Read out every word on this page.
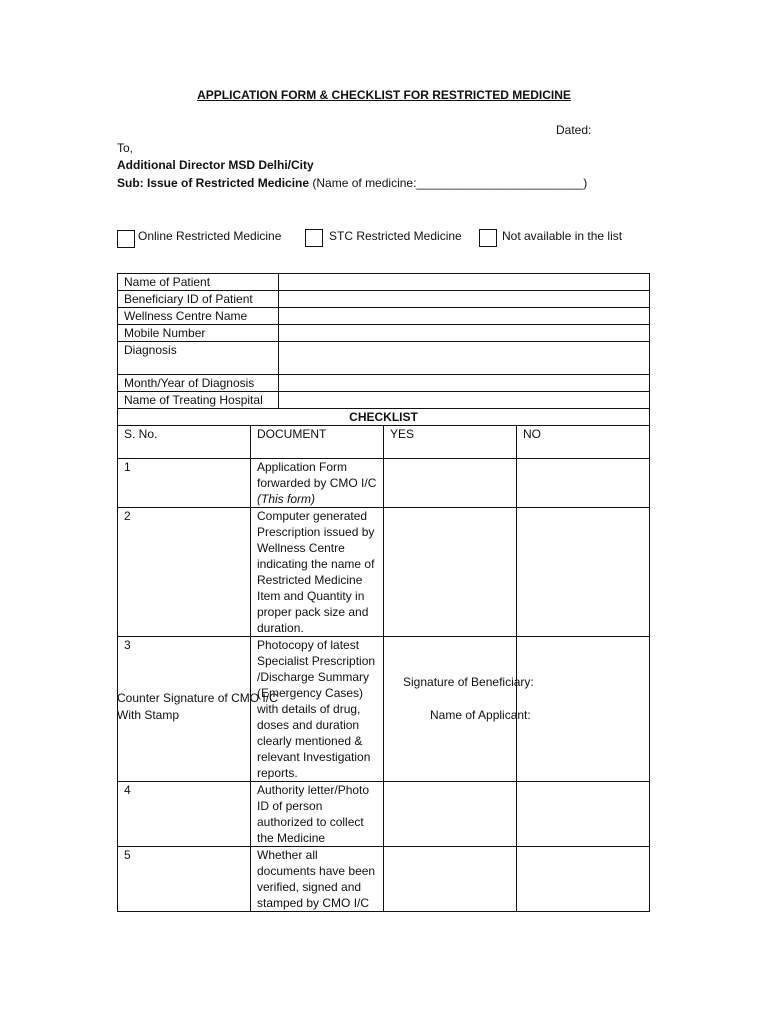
APPLICATION FORM & CHECKLIST FOR RESTRICTED MEDICINE
Dated:
To,
Additional Director MSD Delhi/City
Sub: Issue of Restricted Medicine (Name of medicine:_________________________)
Online Restricted Medicine	STC Restricted Medicine	Not available in the list
Name of Patient	
Beneficiary ID of Patient	
Wellness Centre Name	
Mobile Number	
Diagnosis	
Month/Year of Diagnosis	
Name of Treating Hospital	
CHECKLIST			
S. No.	DOCUMENT	YES	NO
1	Application Form forwarded by CMO I/C (This form)		
2	Computer generated Prescription issued by Wellness Centre indicating the name of Restricted Medicine Item and Quantity in proper pack size and duration.		
3	Photocopy of latest Specialist Prescription /Discharge Summary (Emergency Cases) with details of drug, doses and duration clearly mentioned & relevant Investigation reports.		
4	Authority letter/Photo ID of person authorized to collect the Medicine		
5	Whether all documents have been verified, signed and stamped by CMO I/C		
Signature of Beneficiary:
Counter Signature of CMO I/C
With Stamp	Name of Applicant:
